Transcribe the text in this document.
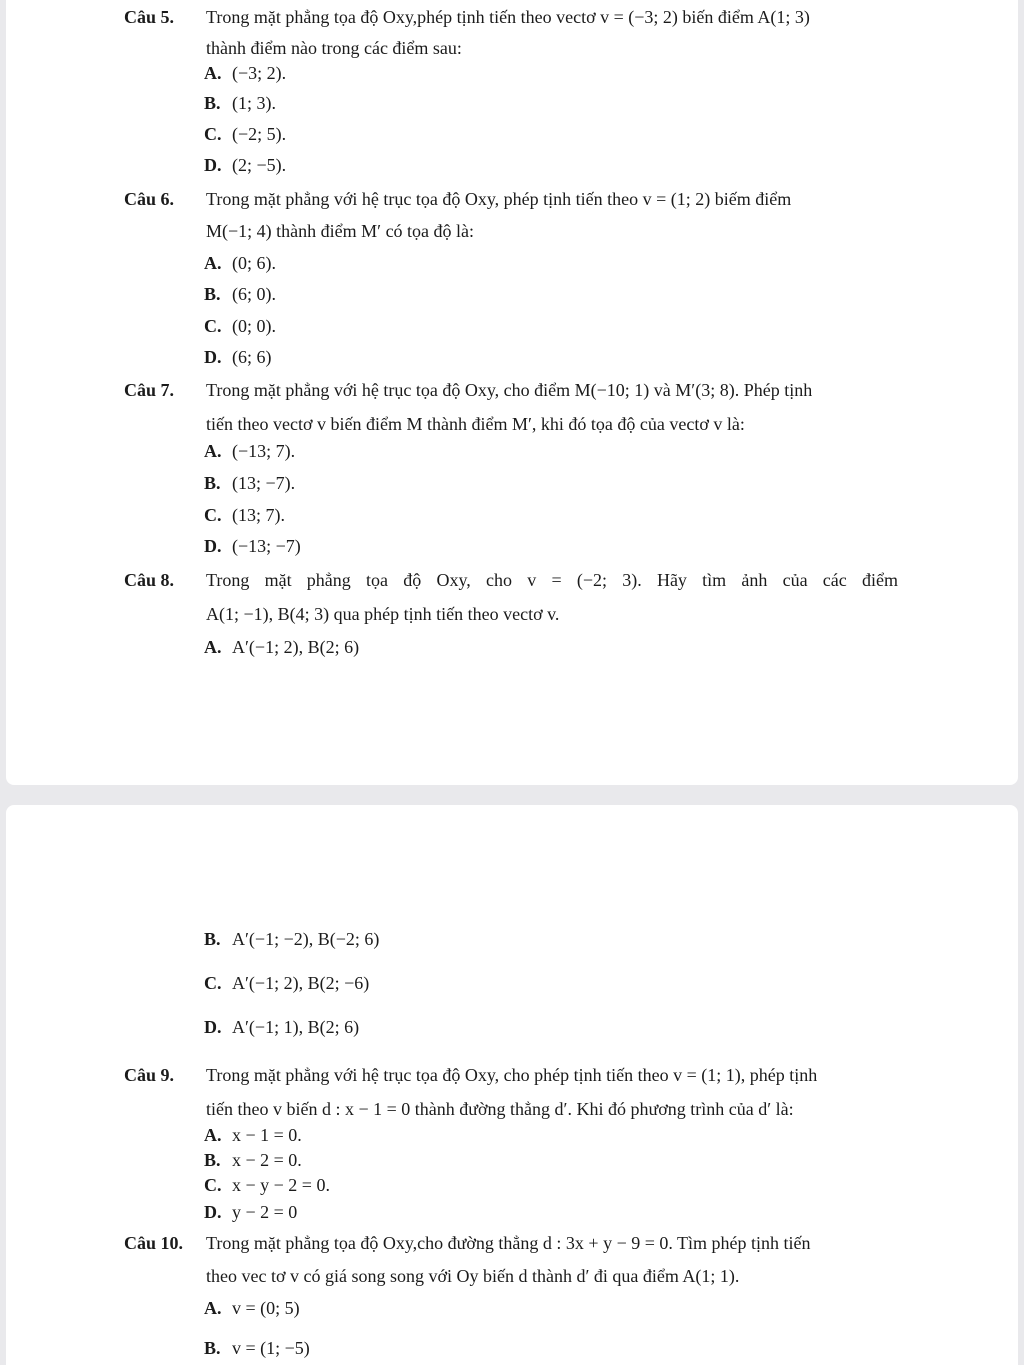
Câu 5. Trong mặt phẳng tọa độ Oxy,phép tịnh tiến theo vectơ v = (−3; 2) biến điểm A(1; 3)
thành điểm nào trong các điểm sau:
A. (−3; 2).
B. (1; 3).
C. (−2; 5).
D. (2; −5).
Câu 6. Trong mặt phẳng với hệ trục tọa độ Oxy, phép tịnh tiến theo v = (1; 2) biếm điểm
M(−1; 4) thành điểm M′ có tọa độ là:
A. (0; 6).
B. (6; 0).
C. (0; 0).
D. (6; 6)
Câu 7. Trong mặt phẳng với hệ trục tọa độ Oxy, cho điểm M(−10; 1) và M′(3; 8). Phép tịnh
tiến theo vectơ v biến điểm M thành điểm M′, khi đó tọa độ của vectơ v là:
A. (−13; 7).
B. (13; −7).
C. (13; 7).
D. (−13; −7)
Câu 8. Trong mặt phẳng tọa độ Oxy, cho v = (−2; 3). Hãy tìm ảnh của các điểm
A(1; −1), B(4; 3) qua phép tịnh tiến theo vectơ v.
A. A′(−1; 2), B(2; 6)
B. A′(−1; −2), B(−2; 6)
C. A′(−1; 2), B(2; −6)
D. A′(−1; 1), B(2; 6)
Câu 9. Trong mặt phẳng với hệ trục tọa độ Oxy, cho phép tịnh tiến theo v = (1; 1), phép tịnh
tiến theo v biến d : x − 1 = 0 thành đường thẳng d′. Khi đó phương trình của d′ là:
A. x − 1 = 0.
B. x − 2 = 0.
C. x − y − 2 = 0.
D. y − 2 = 0
Câu 10. Trong mặt phẳng tọa độ Oxy,cho đường thẳng d : 3x + y − 9 = 0. Tìm phép tịnh tiến
theo vec tơ v có giá song song với Oy biến d thành d′ đi qua điểm A(1; 1).
A. v = (0; 5)
B. v = (1; −5)
